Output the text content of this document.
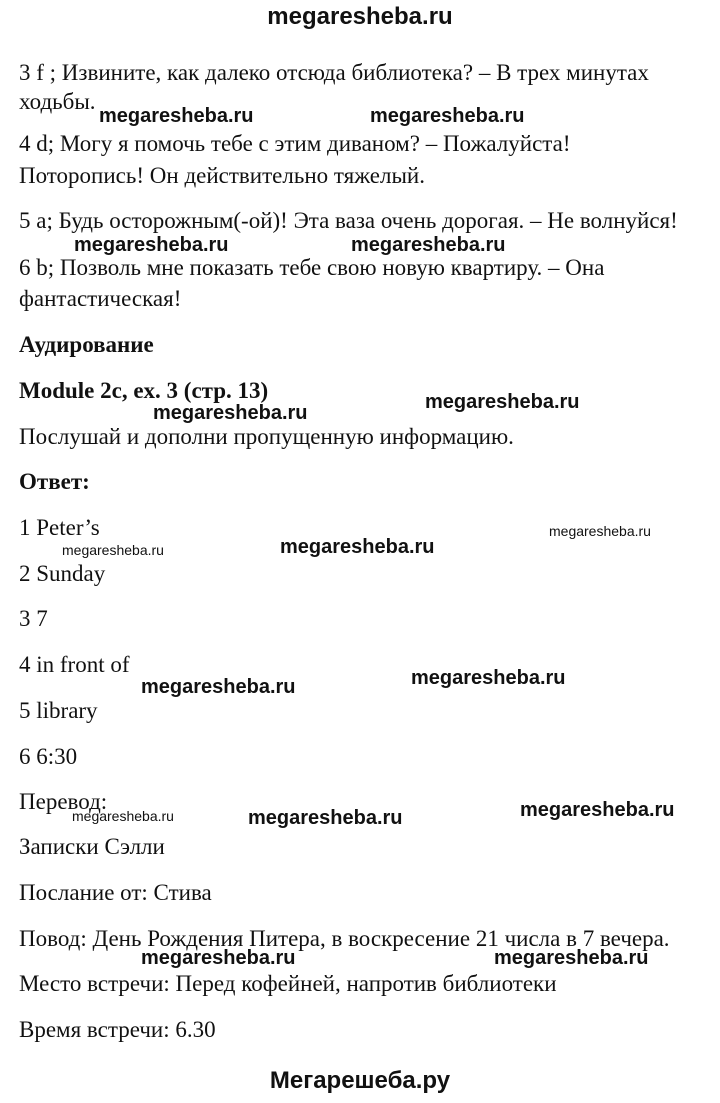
megaresheba.ru
3 f ; Извините, как далеко отсюда библиотека? – В трех минутах
ходьбы.
4 d; Могу я помочь тебе с этим диваном? – Пожалуйста!
Поторопись! Он действительно тяжелый.
5 a; Будь осторожным(-ой)! Эта ваза очень дорогая. – Не волнуйся!
6 b; Позволь мне показать тебе свою новую квартиру. – Она
фантастическая!
Аудирование
Module 2c, ex. 3 (стр. 13)
Послушай и дополни пропущенную информацию.
Ответ:
1 Peter’s
2 Sunday
3 7
4 in front of
5 library
6 6:30
Перевод:
Записки Сэлли
Послание от: Стива
Повод: День Рождения Питера, в воскресение 21 числа в 7 вечера.
Место встречи: Перед кофейней, напротив библиотеки
Время встречи: 6.30
megaresheba.ru	megaresheba.ru
megaresheba.ru	megaresheba.ru
megaresheba.ru	megaresheba.ru
megaresheba.ru
megaresheba.ru	megaresheba.ru
megaresheba.ru	megaresheba.ru
megaresheba.ru	megaresheba.ru
megaresheba.ru
megaresheba.ru
megaresheba.ru
Мегарешеба.ру
